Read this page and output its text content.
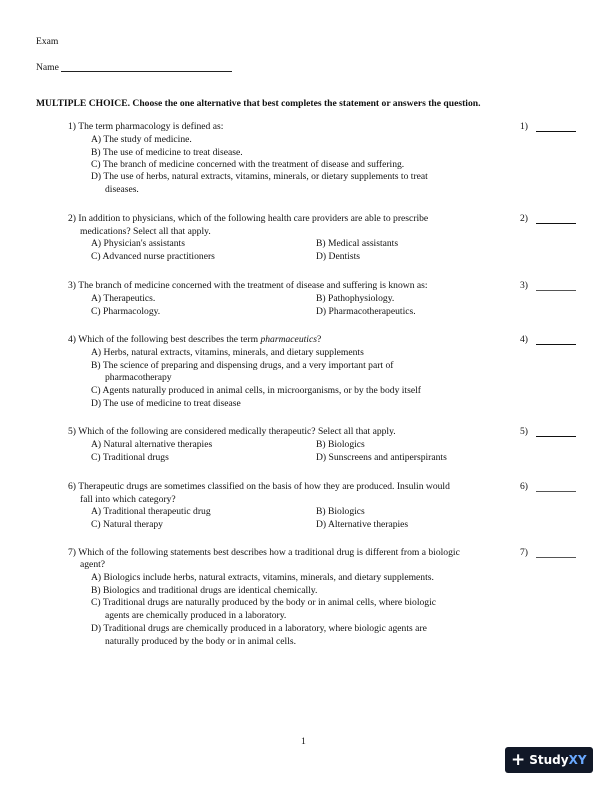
Exam
Name
MULTIPLE CHOICE. Choose the one alternative that best completes the statement or answers the question.
1) The term pharmacology is defined as:	1)
A) The study of medicine.
B) The use of medicine to treat disease.
C) The branch of medicine concerned with the treatment of disease and suffering.
D) The use of herbs, natural extracts, vitamins, minerals, or dietary supplements to treat
diseases.
2) In addition to physicians, which of the following health care providers are able to prescribe	2)
medications? Select all that apply.
A) Physician's assistants	B) Medical assistants
C) Advanced nurse practitioners	D) Dentists
3) The branch of medicine concerned with the treatment of disease and suffering is known as:	3)
A) Therapeutics.	B) Pathophysiology.
C) Pharmacology.	D) Pharmacotherapeutics.
4) Which of the following best describes the term pharmaceutics?	4)
A) Herbs, natural extracts, vitamins, minerals, and dietary supplements
B) The science of preparing and dispensing drugs, and a very important part of
pharmacotherapy
C) Agents naturally produced in animal cells, in microorganisms, or by the body itself
D) The use of medicine to treat disease
5) Which of the following are considered medically therapeutic? Select all that apply.	5)
A) Natural alternative therapies	B) Biologics
C) Traditional drugs	D) Sunscreens and antiperspirants
6) Therapeutic drugs are sometimes classified on the basis of how they are produced. Insulin would	6)
fall into which category?
A) Traditional therapeutic drug	B) Biologics
C) Natural therapy	D) Alternative therapies
7) Which of the following statements best describes how a traditional drug is different from a biologic	7)
agent?
A) Biologics include herbs, natural extracts, vitamins, minerals, and dietary supplements.
B) Biologics and traditional drugs are identical chemically.
C) Traditional drugs are naturally produced by the body or in animal cells, where biologic
agents are chemically produced in a laboratory.
D) Traditional drugs are chemically produced in a laboratory, where biologic agents are
naturally produced by the body or in animal cells.
1
+ Study XY
